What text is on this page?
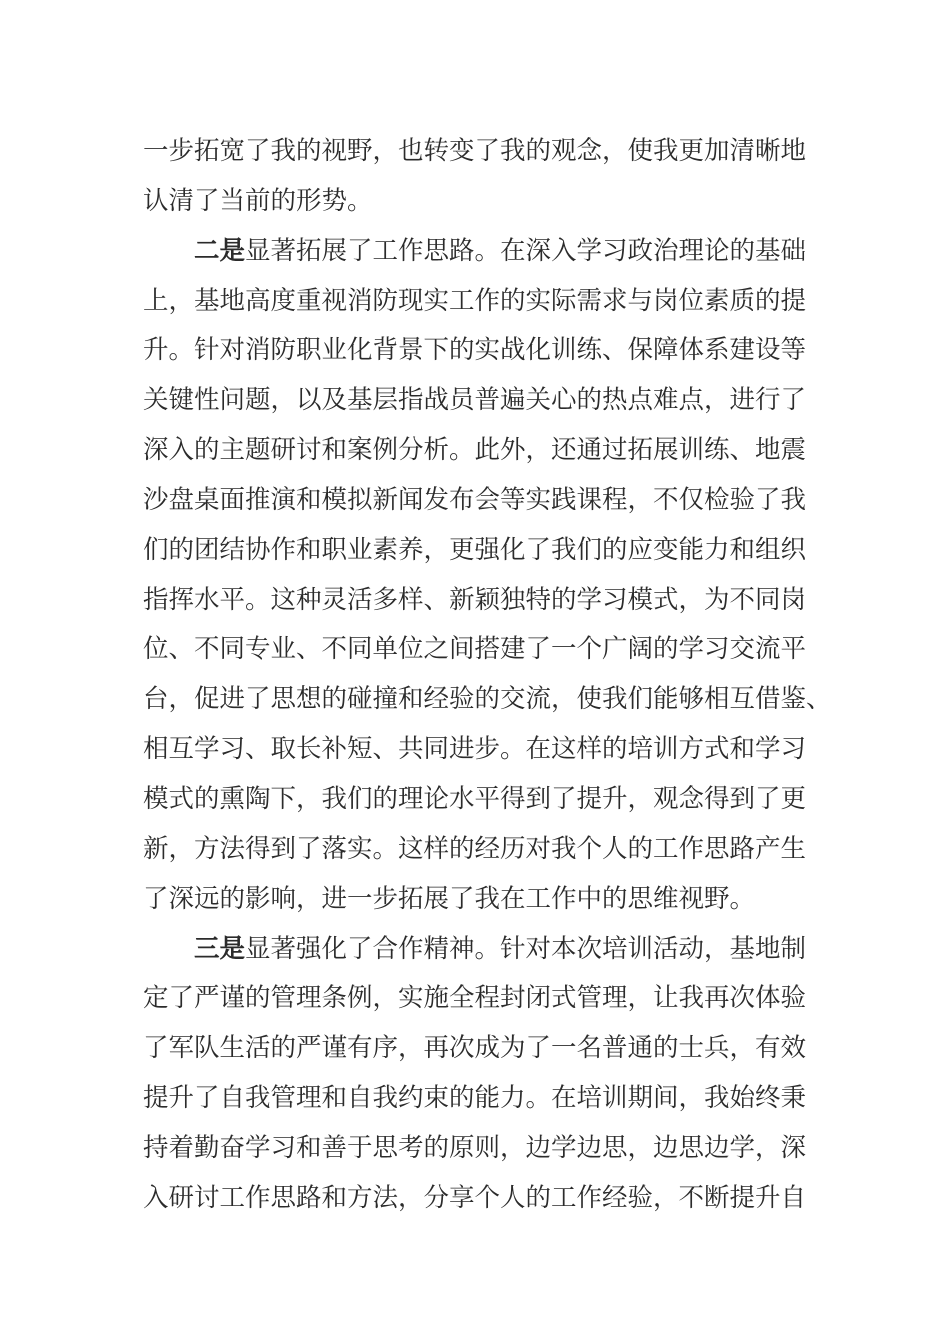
一步拓宽了我的视野，也转变了我的观念，使我更加清晰地
认清了当前的形势。
二是显著拓展了工作思路。在深入学习政治理论的基础
上，基地高度重视消防现实工作的实际需求与岗位素质的提
升。针对消防职业化背景下的实战化训练、保障体系建设等
关键性问题，以及基层指战员普遍关心的热点难点，进行了
深入的主题研讨和案例分析。此外，还通过拓展训练、地震
沙盘桌面推演和模拟新闻发布会等实践课程，不仅检验了我
们的团结协作和职业素养，更强化了我们的应变能力和组织
指挥水平。这种灵活多样、新颖独特的学习模式，为不同岗
位、不同专业、不同单位之间搭建了一个广阔的学习交流平
台，促进了思想的碰撞和经验的交流，使我们能够相互借鉴、
相互学习、取长补短、共同进步。在这样的培训方式和学习
模式的熏陶下，我们的理论水平得到了提升，观念得到了更
新，方法得到了落实。这样的经历对我个人的工作思路产生
了深远的影响，进一步拓展了我在工作中的思维视野。
三是显著强化了合作精神。针对本次培训活动，基地制
定了严谨的管理条例，实施全程封闭式管理，让我再次体验
了军队生活的严谨有序，再次成为了一名普通的士兵，有效
提升了自我管理和自我约束的能力。在培训期间，我始终秉
持着勤奋学习和善于思考的原则，边学边思，边思边学，深
入研讨工作思路和方法，分享个人的工作经验，不断提升自
